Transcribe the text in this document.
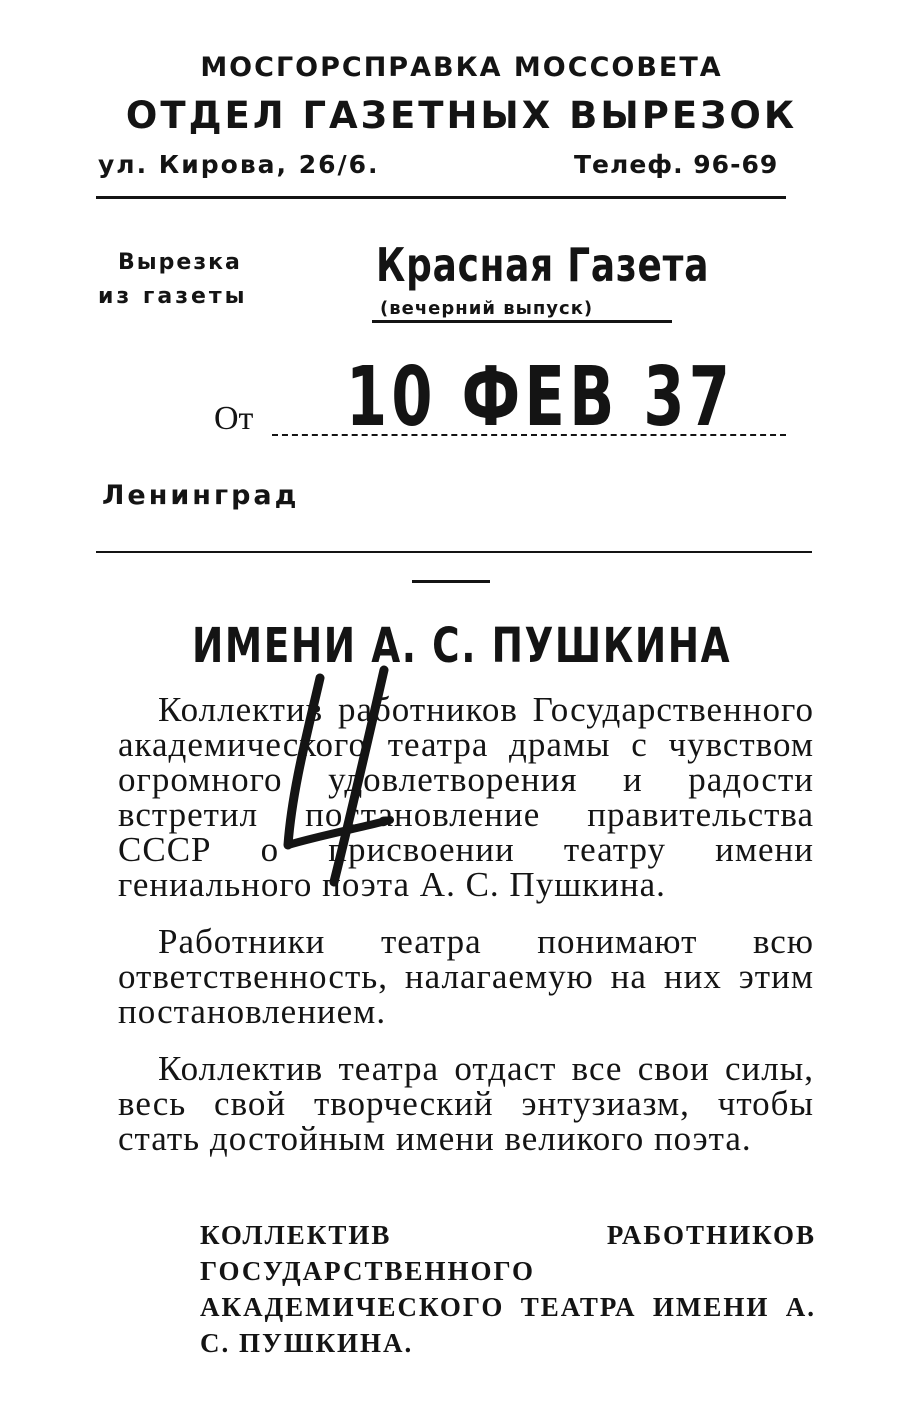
МОСГОРСПРАВКА МОССОВЕТА
ОТДЕЛ ГАЗЕТНЫХ ВЫРЕЗОК
ул. Кирова, 26/6.	Телеф. 96-69
Вырезка
из газеты
Красная Газета
(вечерний выпуск)
От 10 ФЕВ 37
Ленинград
ИМЕНИ А. С. ПУШКИНА

Коллектив работников Государственного академического театра драмы с чувством огромного удовлетворения и радости встретил постановление правительства СССР о присвоении театру имени гениального поэта А. С. Пушкина.

Работники театра понимают всю ответственность, налагаемую на них этим постановлением.

Коллектив театра отдаст все свои силы, весь свой творческий энтузиазм, чтобы стать достойным имени великого поэта.

КОЛЛЕКТИВ РАБОТНИКОВ ГОСУДАРСТВЕННОГО АКАДЕМИЧЕСКОГО ТЕАТРА ИМЕНИ А. С. ПУШКИНА.
